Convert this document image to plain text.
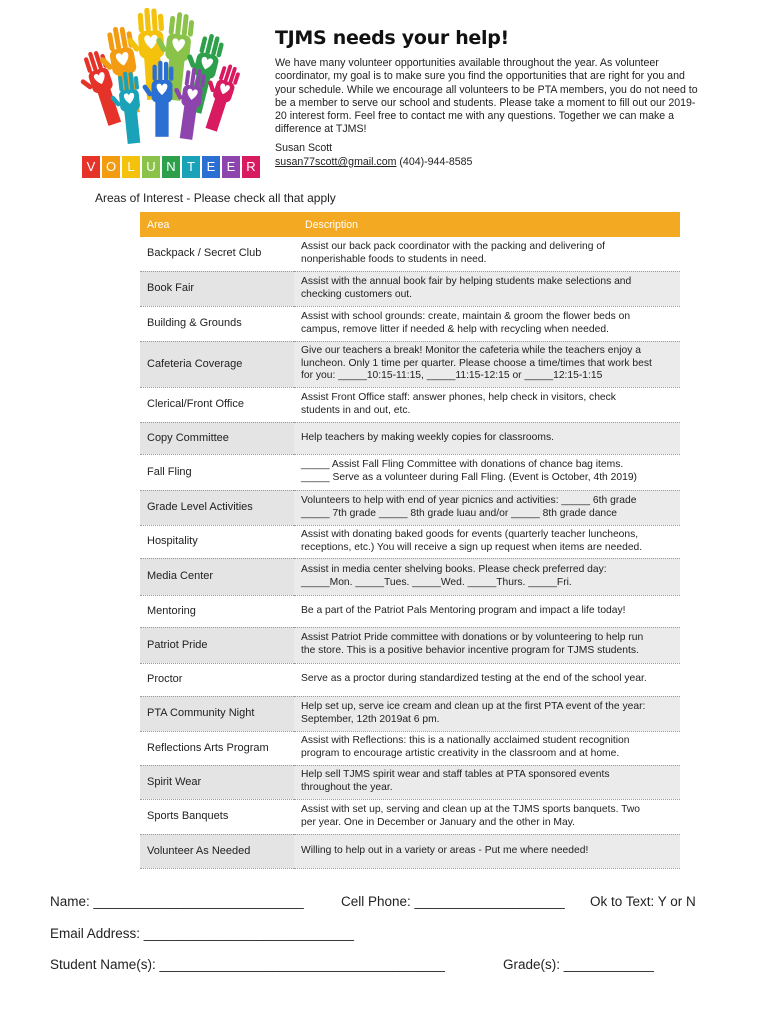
V O L U N T E E R
TJMS needs your help!
We have many volunteer opportunities available throughout the year. As volunteer coordinator, my goal is to make sure you find the opportunities that are right for you and your schedule. While we encourage all volunteers to be PTA members, you do not need to be a member to serve our school and students. Please take a moment to fill out our 2019-20 interest form. Feel free to contact me with any questions. Together we can make a difference at TJMS!
Susan Scott
susan77scott@gmail.com (404)-944-8585
Areas of Interest - Please check all that apply
Area	Description
Backpack / Secret Club	Assist our back pack coordinator with the packing and delivering of
nonperishable foods to students in need.

Book Fair	Assist with the annual book fair by helping students make selections and
checking customers out.

Building & Grounds	Assist with school grounds: create, maintain & groom the flower beds on
campus, remove litter if needed & help with recycling when needed.

Cafeteria Coverage	Give our teachers a break! Monitor the cafeteria while the teachers enjoy a
luncheon. Only 1 time per quarter. Please choose a time/times that work best
for you: _____10:15-11:15, _____11:15-12:15 or _____12:15-1:15

Clerical/Front Office	Assist Front Office staff: answer phones, help check in visitors, check
students in and out, etc.

Copy Committee	Help teachers by making weekly copies for classrooms.

Fall Fling	_____ Assist Fall Fling Committee with donations of chance bag items.
_____ Serve as a volunteer during Fall Fling. (Event is October, 4th 2019)

Grade Level Activities	Volunteers to help with end of year picnics and activities: _____ 6th grade
_____ 7th grade _____ 8th grade luau and/or _____ 8th grade dance

Hospitality	Assist with donating baked goods for events (quarterly teacher luncheons,
receptions, etc.) You will receive a sign up request when items are needed.

Media Center	Assist in media center shelving books. Please check preferred day:
_____Mon. _____Tues. _____Wed. _____Thurs. _____Fri.

Mentoring	Be a part of the Patriot Pals Mentoring program and impact a life today!

Patriot Pride	Assist Patriot Pride committee with donations or by volunteering to help run
the store. This is a positive behavior incentive program for TJMS students.

Proctor	Serve as a proctor during standardized testing at the end of the school year.

PTA Community Night	Help set up, serve ice cream and clean up at the first PTA event of the year:
September, 12th 2019at 6 pm.

Reflections Arts Program	Assist with Reflections: this is a nationally acclaimed student recognition
program to encourage artistic creativity in the classroom and at home.

Spirit Wear	Help sell TJMS spirit wear and staff tables at PTA sponsored events
throughout the year.

Sports Banquets	Assist with set up, serving and clean up at the TJMS sports banquets. Two
per year. One in December or January and the other in May.

Volunteer As Needed	Willing to help out in a variety or areas - Put me where needed!
Name: ____________________________	Cell Phone: ____________________ Ok to Text: Y or N
Email Address: ____________________________
Student Name(s): ______________________________________	Grade(s): ____________
